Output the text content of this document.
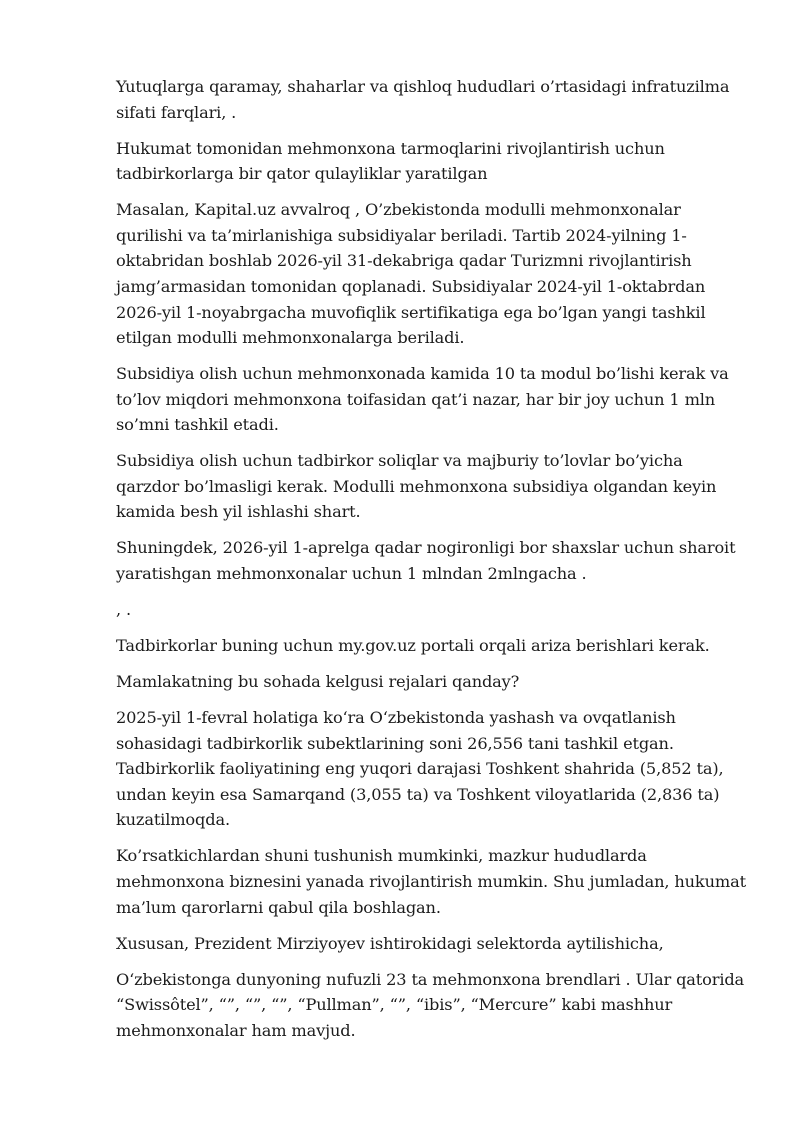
Yutuqlarga qaramay, shaharlar va qishloq hududlari o’rtasidagi infratuzilma sifati farqlari, .

Hukumat tomonidan mehmonxona tarmoqlarini rivojlantirish uchun tadbirkorlarga bir qator qulayliklar yaratilgan

Masalan, Kapital.uz avvalroq , O’zbekistonda modulli mehmonxonalar qurilishi va ta’mirlanishiga subsidiyalar beriladi. Tartib 2024-yilning 1-oktabridan boshlab 2026-yil 31-dekabriga qadar Turizmni rivojlantirish jamg’armasidan tomonidan qoplanadi. Subsidiyalar 2024-yil 1-oktabrdan 2026-yil 1-noyabrgacha muvofiqlik sertifikatiga ega bo’lgan yangi tashkil etilgan modulli mehmonxonalarga beriladi.

Subsidiya olish uchun mehmonxonada kamida 10 ta modul bo’lishi kerak va to’lov miqdori mehmonxona toifasidan qat’i nazar, har bir joy uchun 1 mln so’mni tashkil etadi.

Subsidiya olish uchun tadbirkor soliqlar va majburiy to’lovlar bo’yicha qarzdor bo’lmasligi kerak. Modulli mehmonxona subsidiya olgandan keyin kamida besh yil ishlashi shart.

Shuningdek, 2026-yil 1-aprelga qadar nogironligi bor shaxslar uchun sharoit yaratishgan mehmonxonalar uchun 1 mlndan 2mlngacha .

, .

Tadbirkorlar buning uchun my.gov.uz portali orqali ariza berishlari kerak.

Mamlakatning bu sohada kelgusi rejalari qanday?

2025-yil 1-fevral holatiga ko‘ra O‘zbekistonda yashash va ovqatlanish sohasidagi tadbirkorlik subektlarining soni 26,556 tani tashkil etgan. Tadbirkorlik faoliyatining eng yuqori darajasi Toshkent shahrida (5,852 ta), undan keyin esa Samarqand (3,055 ta) va Toshkent viloyatlarida (2,836 ta) kuzatilmoqda.

Ko’rsatkichlardan shuni tushunish mumkinki, mazkur hududlarda mehmonxona biznesini yanada rivojlantirish mumkin. Shu jumladan, hukumat ma’lum qarorlarni qabul qila boshlagan.

Xususan, Prezident Mirziyoyev ishtirokidagi selektorda aytilishicha,

O‘zbekistonga dunyoning nufuzli 23 ta mehmonxona brendlari . Ular qatorida “Swissôtel”, “”, “”, “”, “Pullman”, “”, “ibis”, “Mercure” kabi mashhur mehmonxonalar ham mavjud.
